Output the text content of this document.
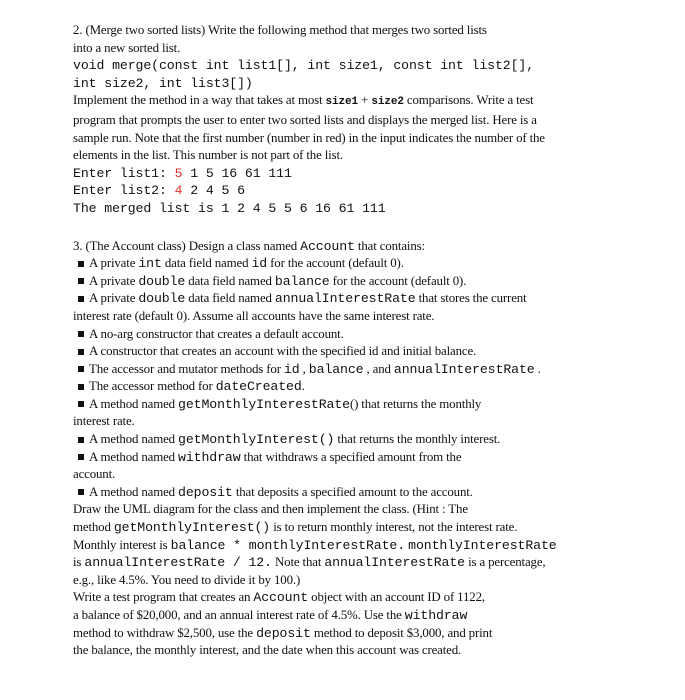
2. (Merge two sorted lists) Write the following method that merges two sorted lists
into a new sorted list.
void merge(const int list1[], int size1, const int list2[],
int size2, int list3[])
Implement the method in a way that takes at most size1 + size2 comparisons. Write a test
program that prompts the user to enter two sorted lists and displays the merged list. Here is a
sample run. Note that the first number (number in red) in the input indicates the number of the
elements in the list. This number is not part of the list.
Enter list1: 5 1 5 16 61 111
Enter list2: 4 2 4 5 6
The merged list is 1 2 4 5 5 6 16 61 111
3. (The Account class) Design a class named Account that contains:
A private int data field named id for the account (default 0).
A private double data field named balance for the account (default 0).
A private double data field named annualInterestRate that stores the current
interest rate (default 0). Assume all accounts have the same interest rate.
A no-arg constructor that creates a default account.
A constructor that creates an account with the specified id and initial balance.
The accessor and mutator methods for id , balance , and annualInterestRate .
The accessor method for dateCreated.
A method named getMonthlyInterestRate() that returns the monthly
interest rate.
A method named getMonthlyInterest() that returns the monthly interest.
A method named withdraw that withdraws a specified amount from the
account.
A method named deposit that deposits a specified amount to the account.
Draw the UML diagram for the class and then implement the class. (Hint : The
method getMonthlyInterest() is to return monthly interest, not the interest rate.
Monthly interest is balance * monthlyInterestRate. monthlyInterestRate
is annualInterestRate / 12. Note that annualInterestRate is a percentage,
e.g., like 4.5%. You need to divide it by 100.)
Write a test program that creates an Account object with an account ID of 1122,
a balance of $20,000, and an annual interest rate of 4.5%. Use the withdraw
method to withdraw $2,500, use the deposit method to deposit $3,000, and print
the balance, the monthly interest, and the date when this account was created.
